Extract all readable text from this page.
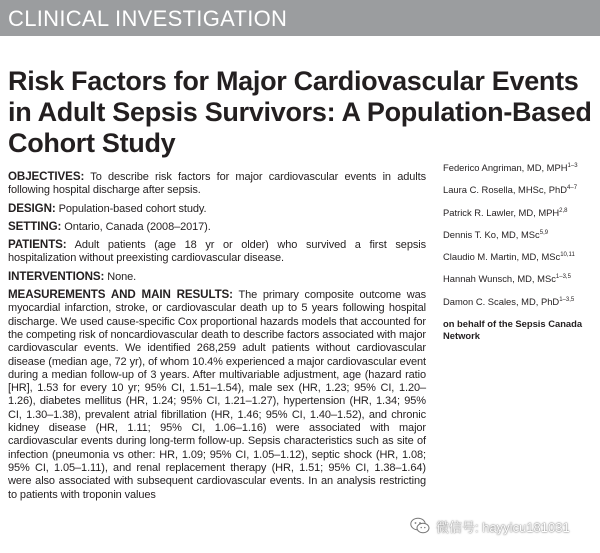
CLINICAL INVESTIGATION
Risk Factors for Major Cardiovascular Events in Adult Sepsis Survivors: A Population-Based Cohort Study

OBJECTIVES: To describe risk factors for major cardiovascular events in adults following hospital discharge after sepsis.

DESIGN: Population-based cohort study.

SETTING: Ontario, Canada (2008–2017).

PATIENTS: Adult patients (age 18 yr or older) who survived a first sepsis hospitalization without preexisting cardiovascular disease.

INTERVENTIONS: None.

MEASUREMENTS AND MAIN RESULTS: The primary composite outcome was myocardial infarction, stroke, or cardiovascular death up to 5 years following hospital discharge. We used cause-specific Cox proportional hazards models that accounted for the competing risk of noncardiovascular death to describe factors associated with major cardiovascular events. We identified 268,259 adult patients without cardiovascular disease (median age, 72 yr), of whom 10.4% experienced a major cardiovascular event during a median follow-up of 3 years. After multivariable adjustment, age (hazard ratio [HR], 1.53 for every 10 yr; 95% CI, 1.51–1.54), male sex (HR, 1.23; 95% CI, 1.20–1.26), diabetes mellitus (HR, 1.24; 95% CI, 1.21–1.27), hypertension (HR, 1.34; 95% CI, 1.30–1.38), prevalent atrial fibrillation (HR, 1.46; 95% CI, 1.40–1.52), and chronic kidney disease (HR, 1.11; 95% CI, 1.06–1.16) were associated with major cardiovascular events during long-term follow-up. Sepsis characteristics such as site of infection (pneumonia vs other: HR, 1.09; 95% CI, 1.05–1.12), septic shock (HR, 1.08; 95% CI, 1.05–1.11), and renal replacement therapy (HR, 1.51; 95% CI, 1.38–1.64) were also associated with subsequent cardiovascular events. In an analysis restricting to patients with troponin values

Federico Angriman, MD, MPH$^{1-3}$
Laura C. Rosella, MHSc, PhD$^{4-7}$
Patrick R. Lawler, MD, MPH$^{2,8}$
Dennis T. Ko, MD, MSc$^{5,9}$
Claudio M. Martin, MD, MSc$^{10,11}$
Hannah Wunsch, MD, MSc$^{1-3,5}$
Damon C. Scales, MD, PhD$^{1-3,5}$
on behalf of the Sepsis Canada Network
微信号: hayyicu181031
